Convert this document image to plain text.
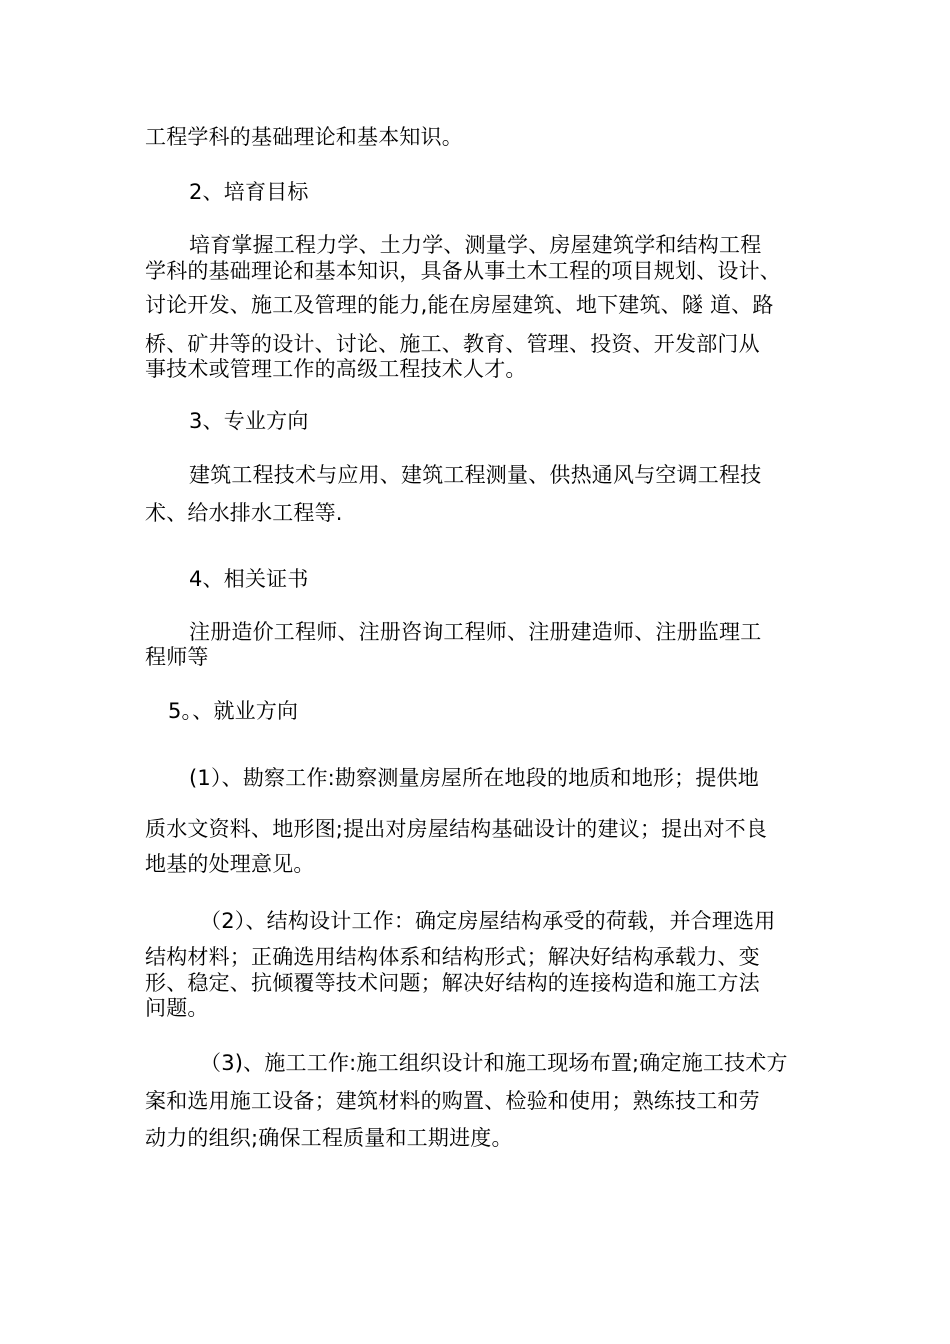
工程学科的基础理论和基本知识。
2、培育目标
培育掌握工程力学、土力学、测量学、房屋建筑学和结构工程
学科的基础理论和基本知识，具备从事土木工程的项目规划、设计、
讨论开发、施工及管理的能力,能在房屋建筑、地下建筑、隧 道、路
桥、矿井等的设计、讨论、施工、教育、管理、投资、开发部门从
事技术或管理工作的高级工程技术人才。
3、专业方向
建筑工程技术与应用、建筑工程测量、供热通风与空调工程技
术、给水排水工程等.
4、相关证书
注册造价工程师、注册咨询工程师、注册建造师、注册监理工
程师等
5。、就业方向
(1）、勘察工作:勘察测量房屋所在地段的地质和地形；提供地
质水文资料、地形图;提出对房屋结构基础设计的建议；提出对不良
地基的处理意见。
（2）、结构设计工作：确定房屋结构承受的荷载，并合理选用
结构材料；正确选用结构体系和结构形式；解决好结构承载力、变
形、稳定、抗倾覆等技术问题；解决好结构的连接构造和施工方法
问题。
（3)、施工工作:施工组织设计和施工现场布置;确定施工技术方
案和选用施工设备；建筑材料的购置、检验和使用；熟练技工和劳
动力的组织;确保工程质量和工期进度。
